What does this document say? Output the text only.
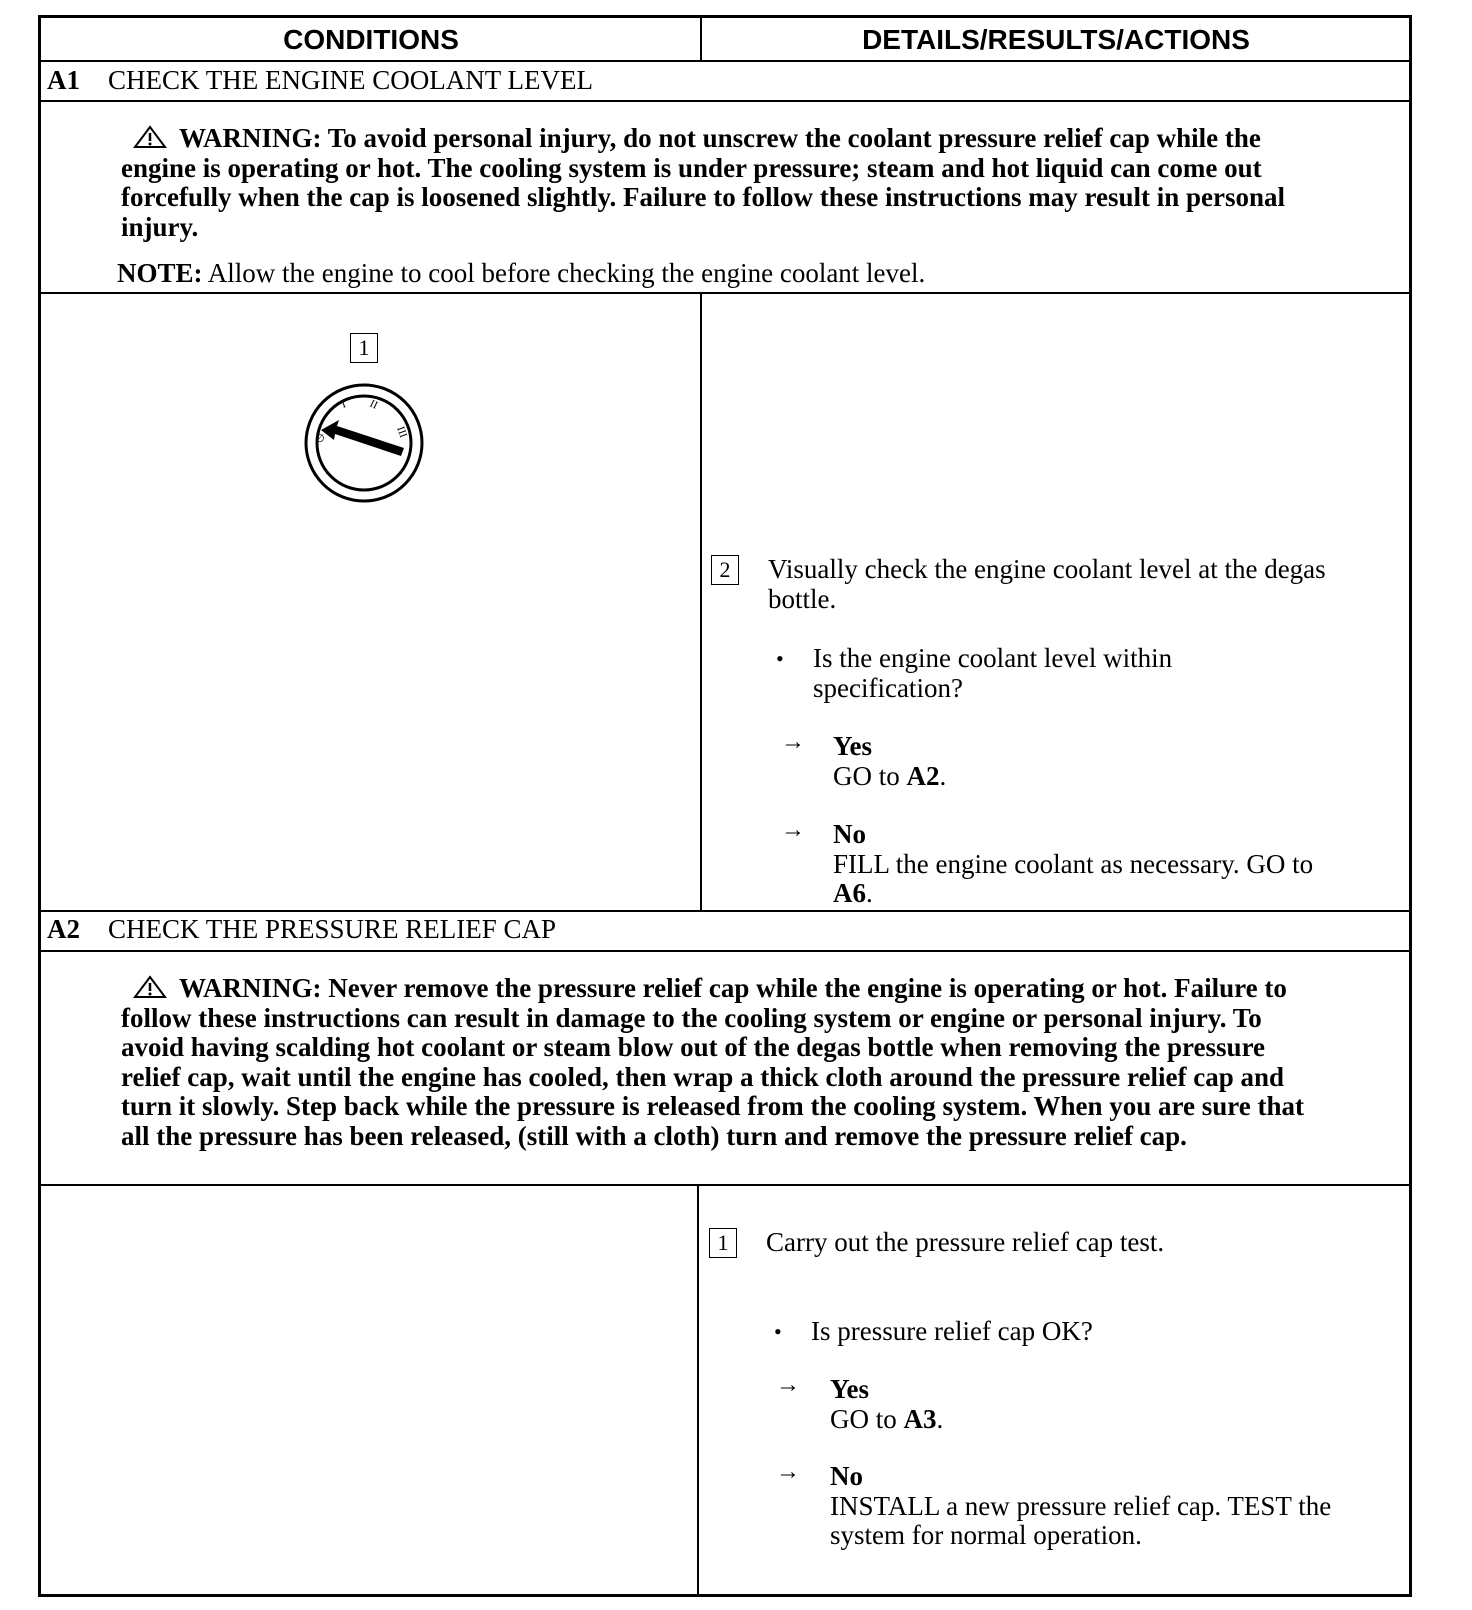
CONDITIONS	DETAILS/RESULTS/ACTIONS
A1 CHECK THE ENGINE COOLANT LEVEL
WARNING: To avoid personal injury, do not unscrew the coolant pressure relief cap while the engine is operating or hot. The cooling system is under pressure; steam and hot liquid can come out forcefully when the cap is loosened slightly. Failure to follow these instructions may result in personal injury.
NOTE: Allow the engine to cool before checking the engine coolant level.
1
I II
III
∅
2	Visually check the engine coolant level at the degas bottle.
• Is the engine coolant level within specification?
→ Yes
GO to A2.
→ No
FILL the engine coolant as necessary. GO to
A6.
A2 CHECK THE PRESSURE RELIEF CAP
WARNING: Never remove the pressure relief cap while the engine is operating or hot. Failure to follow these instructions can result in damage to the cooling system or engine or personal injury. To avoid having scalding hot coolant or steam blow out of the degas bottle when removing the pressure relief cap, wait until the engine has cooled, then wrap a thick cloth around the pressure relief cap and turn it slowly. Step back while the pressure is released from the cooling system. When you are sure that all the pressure has been released, (still with a cloth) turn and remove the pressure relief cap.
1	Carry out the pressure relief cap test.
• Is pressure relief cap OK?
→ Yes
GO to A3.
→ No
INSTALL a new pressure relief cap. TEST the system for normal operation.
